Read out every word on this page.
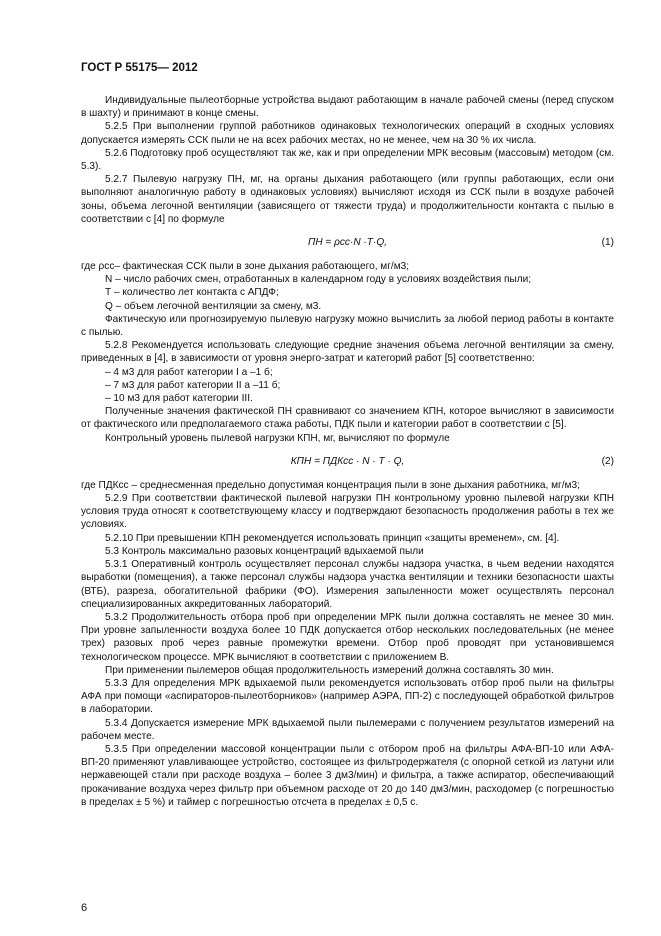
ГОСТ Р 55175— 2012

Индивидуальные пылеотборные устройства выдают работающим в начале рабочей смены (перед спуском в шахту) и принимают в конце смены.

5.2.5 При выполнении группой работников одинаковых технологических операций в сходных условиях допускается измерять ССК пыли не на всех рабочих местах, но не менее, чем на 30 % их числа.

5.2.6 Подготовку проб осуществляют так же, как и при определении МРК весовым (массовым) методом (см. 5.3).

5.2.7 Пылевую нагрузку ПН, мг, на органы дыхания работающего (или группы работающих, если они выполняют аналогичную работу в одинаковых условиях) вычисляют исходя из ССК пыли в воздухе рабочей зоны, объема легочной вентиляции (зависящего от тяжести труда) и продолжительности контакта с пылью в соответствии с [4] по формуле

ПН = ρсс·N ·T·Q,	(1)

где ρсс– фактическая ССК пыли в зоне дыхания работающего, мг/м3;

N – число рабочих смен, отработанных в календарном году в условиях воздействия пыли;

Т – количество лет контакта с АПДФ;

Q – объем легочной вентиляции за смену, м3.

Фактическую или прогнозируемую пылевую нагрузку можно вычислить за любой период работы в контакте с пылью.

5.2.8 Рекомендуется использовать следующие средние значения объема легочной вентиляции за смену, приведенных в [4], в зависимости от уровня энерго-затрат и категорий работ [5] соответственно:

– 4 м3 для работ категории I а –1 б;

– 7 м3 для работ категории II а –11 б;

– 10 м3 для работ категории III.

Полученные значения фактической ПН сравнивают со значением КПН, которое вычисляют в зависимости от фактического или предполагаемого стажа работы, ПДК пыли и категории работ в соответствии с [5].

Контрольный уровень пылевой нагрузки КПН, мг, вычисляют по формуле

КПН = ПДКсс · N · T · Q,	(2)

где ПДКсс – среднесменная предельно допустимая концентрация пыли в зоне дыхания работника, мг/м3;

5.2.9 При соответствии фактической пылевой нагрузки ПН контрольному уровню пылевой нагрузки КПН условия труда относят к соответствующему классу и подтверждают безопасность продолжения работы в тех же условиях.

5.2.10 При превышении КПН рекомендуется использовать принцип «защиты временем», см. [4].

5.3 Контроль максимально разовых концентраций вдыхаемой пыли

5.3.1 Оперативный контроль осуществляет персонал службы надзора участка, в чьем ведении находятся выработки (помещения), а также персонал службы надзора участка вентиляции и техники безопасности шахты (ВТБ), разреза, обогатительной фабрики (ФО). Измерения запыленности может осуществлять персонал специализированных аккредитованных лабораторий.

5.3.2 Продолжительность отбора проб при определении МРК пыли должна составлять не менее 30 мин. При уровне запыленности воздуха более 10 ПДК допускается отбор нескольких последовательных (не менее трех) разовых проб через равные промежутки времени. Отбор проб проводят при установившемся технологическом процессе. МРК вычисляют в соответствии с приложением В.

При применении пылемеров общая продолжительность измерений должна составлять 30 мин.

5.3.3 Для определения МРК вдыхаемой пыли рекомендуется использовать отбор проб пыли на фильтры АФА при помощи «аспираторов-пылеотборников» (например АЭРА, ПП-2) с последующей обработкой фильтров в лаборатории.

5.3.4 Допускается измерение МРК вдыхаемой пыли пылемерами с получением результатов измерений на рабочем месте.

5.3.5 При определении массовой концентрации пыли с отбором проб на фильтры АФА-ВП-10 или АФА-ВП-20 применяют улавливающее устройство, состоящее из фильтродержателя (с опорной сеткой из латуни или нержавеющей стали при расходе воздуха – более 3 дм3/мин) и фильтра, а также аспиратор, обеспечивающий прокачивание воздуха через фильтр при объемном расходе от 20 до 140 дм3/мин, расходомер (с погрешностью в пределах ± 5 %) и таймер с погрешностью отсчета в пределах ± 0,5 с.

6
